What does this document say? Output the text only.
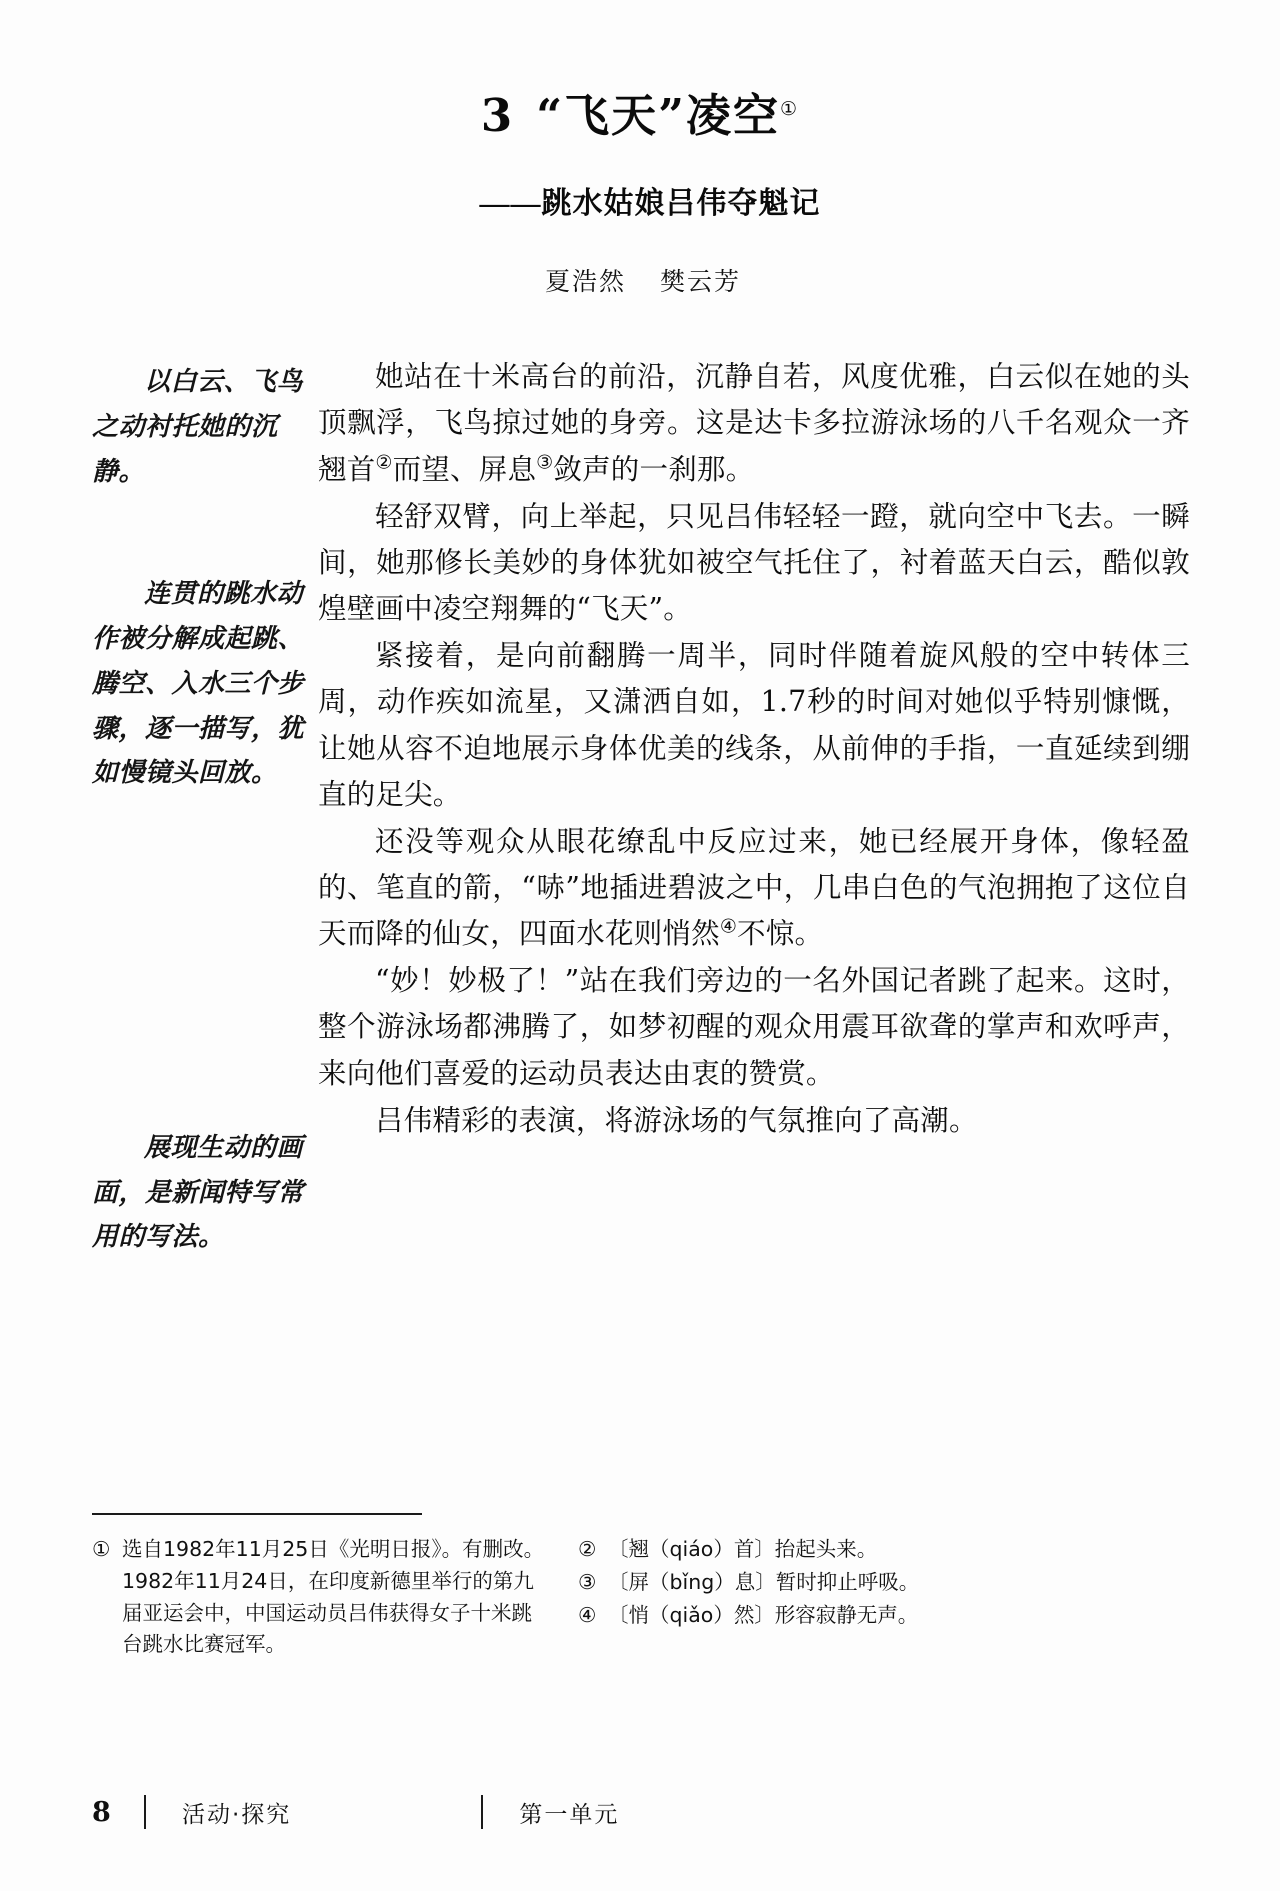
3 “飞天”凌空①
——跳水姑娘吕伟夺魁记
夏浩然 樊云芳
以白云、飞鸟之动衬托她的沉静。
连贯的跳水动作被分解成起跳、腾空、入水三个步骤，逐一描写，犹如慢镜头回放。
展现生动的画面，是新闻特写常用的写法。

她站在十米高台的前沿，沉静自若，风度优雅，白云似在她的头顶飘浮，飞鸟掠过她的身旁。这是达卡多拉游泳场的八千名观众一齐翘首②而望、屏息③敛声的一刹那。

轻舒双臂，向上举起，只见吕伟轻轻一蹬，就向空中飞去。一瞬间，她那修长美妙的身体犹如被空气托住了，衬着蓝天白云，酷似敦煌壁画中凌空翔舞的“飞天”。

紧接着，是向前翻腾一周半，同时伴随着旋风般的空中转体三周，动作疾如流星，又潇洒自如，1.7秒的时间对她似乎特别慷慨，让她从容不迫地展示身体优美的线条，从前伸的手指，一直延续到绷直的足尖。

还没等观众从眼花缭乱中反应过来，她已经展开身体，像轻盈的、笔直的箭，“哧”地插进碧波之中，几串白色的气泡拥抱了这位自天而降的仙女，四面水花则悄然④不惊。

“妙！妙极了！”站在我们旁边的一名外国记者跳了起来。这时，整个游泳场都沸腾了，如梦初醒的观众用震耳欲聋的掌声和欢呼声，来向他们喜爱的运动员表达由衷的赞赏。

吕伟精彩的表演，将游泳场的气氛推向了高潮。

① 选自1982年11月25日《光明日报》。有删改。
1982年11月24日，在印度新德里举行的第九
届亚运会中，中国运动员吕伟获得女子十米跳
台跳水比赛冠军。
② 〔翘（qiáo）首〕抬起头来。
③ 〔屏（bǐng）息〕暂时抑止呼吸。
④ 〔悄（qiǎo）然〕形容寂静无声。
8	活动·探究	第一单元
